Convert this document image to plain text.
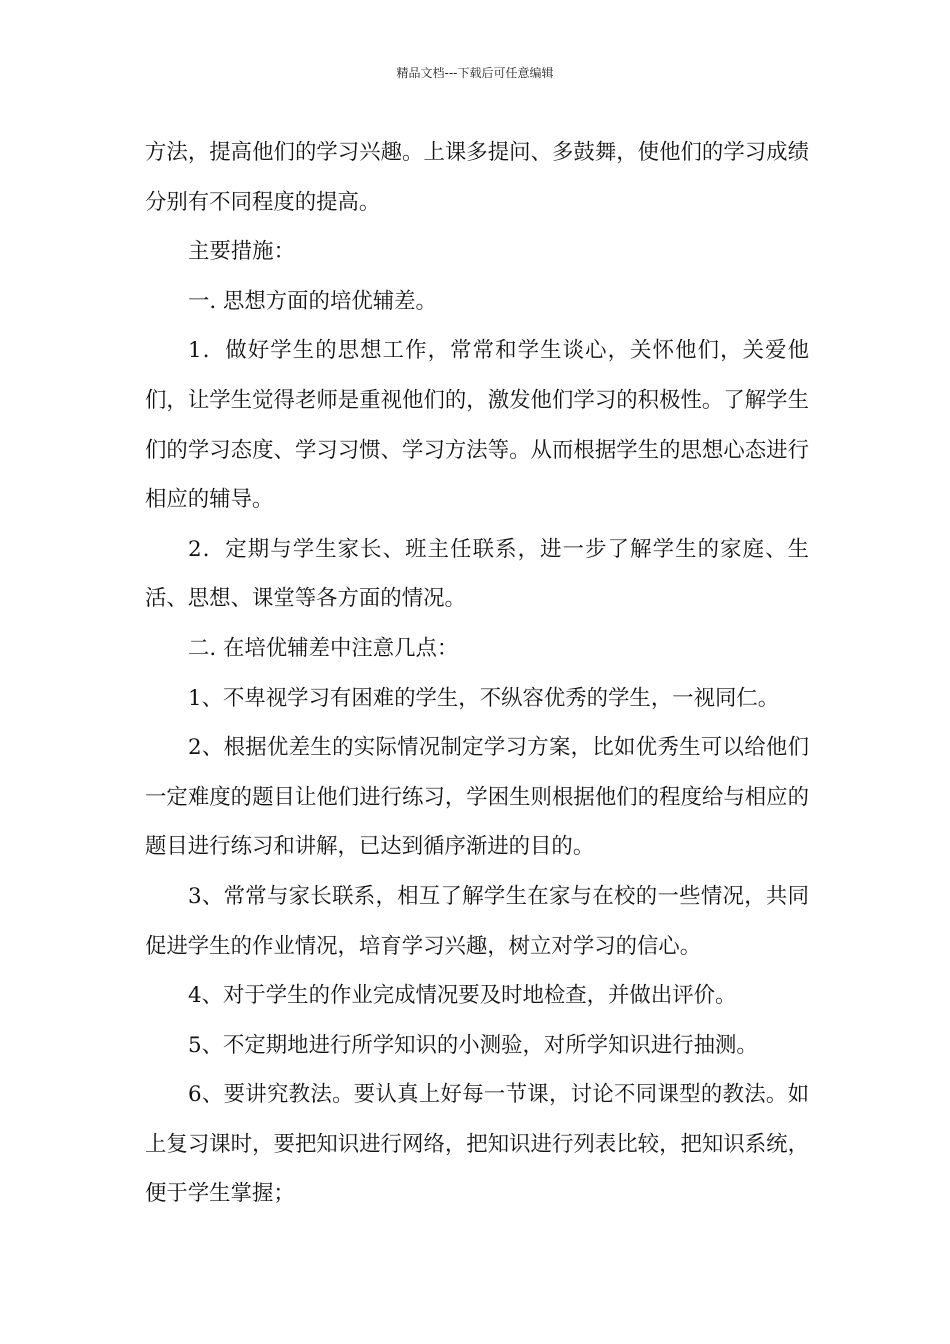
精品文档---下载后可任意编辑

方法，提高他们的学习兴趣。上课多提问、多鼓舞，使他们的学习成绩分别有不同程度的提高。

主要措施：

一. 思想方面的培优辅差。

1．做好学生的思想工作，常常和学生谈心，关怀他们，关爱他们，让学生觉得老师是重视他们的，激发他们学习的积极性。了解学生们的学习态度、学习习惯、学习方法等。从而根据学生的思想心态进行相应的辅导。

2．定期与学生家长、班主任联系，进一步了解学生的家庭、生活、思想、课堂等各方面的情况。

二. 在培优辅差中注意几点：

1、不卑视学习有困难的学生，不纵容优秀的学生，一视同仁。

2、根据优差生的实际情况制定学习方案，比如优秀生可以给他们一定难度的题目让他们进行练习，学困生则根据他们的程度给与相应的题目进行练习和讲解，已达到循序渐进的目的。

3、常常与家长联系，相互了解学生在家与在校的一些情况，共同促进学生的作业情况，培育学习兴趣，树立对学习的信心。

4、对于学生的作业完成情况要及时地检查，并做出评价。

5、不定期地进行所学知识的小测验，对所学知识进行抽测。

6、要讲究教法。要认真上好每一节课，讨论不同课型的教法。如上复习课时，要把知识进行网络，把知识进行列表比较，把知识系统，便于学生掌握；
